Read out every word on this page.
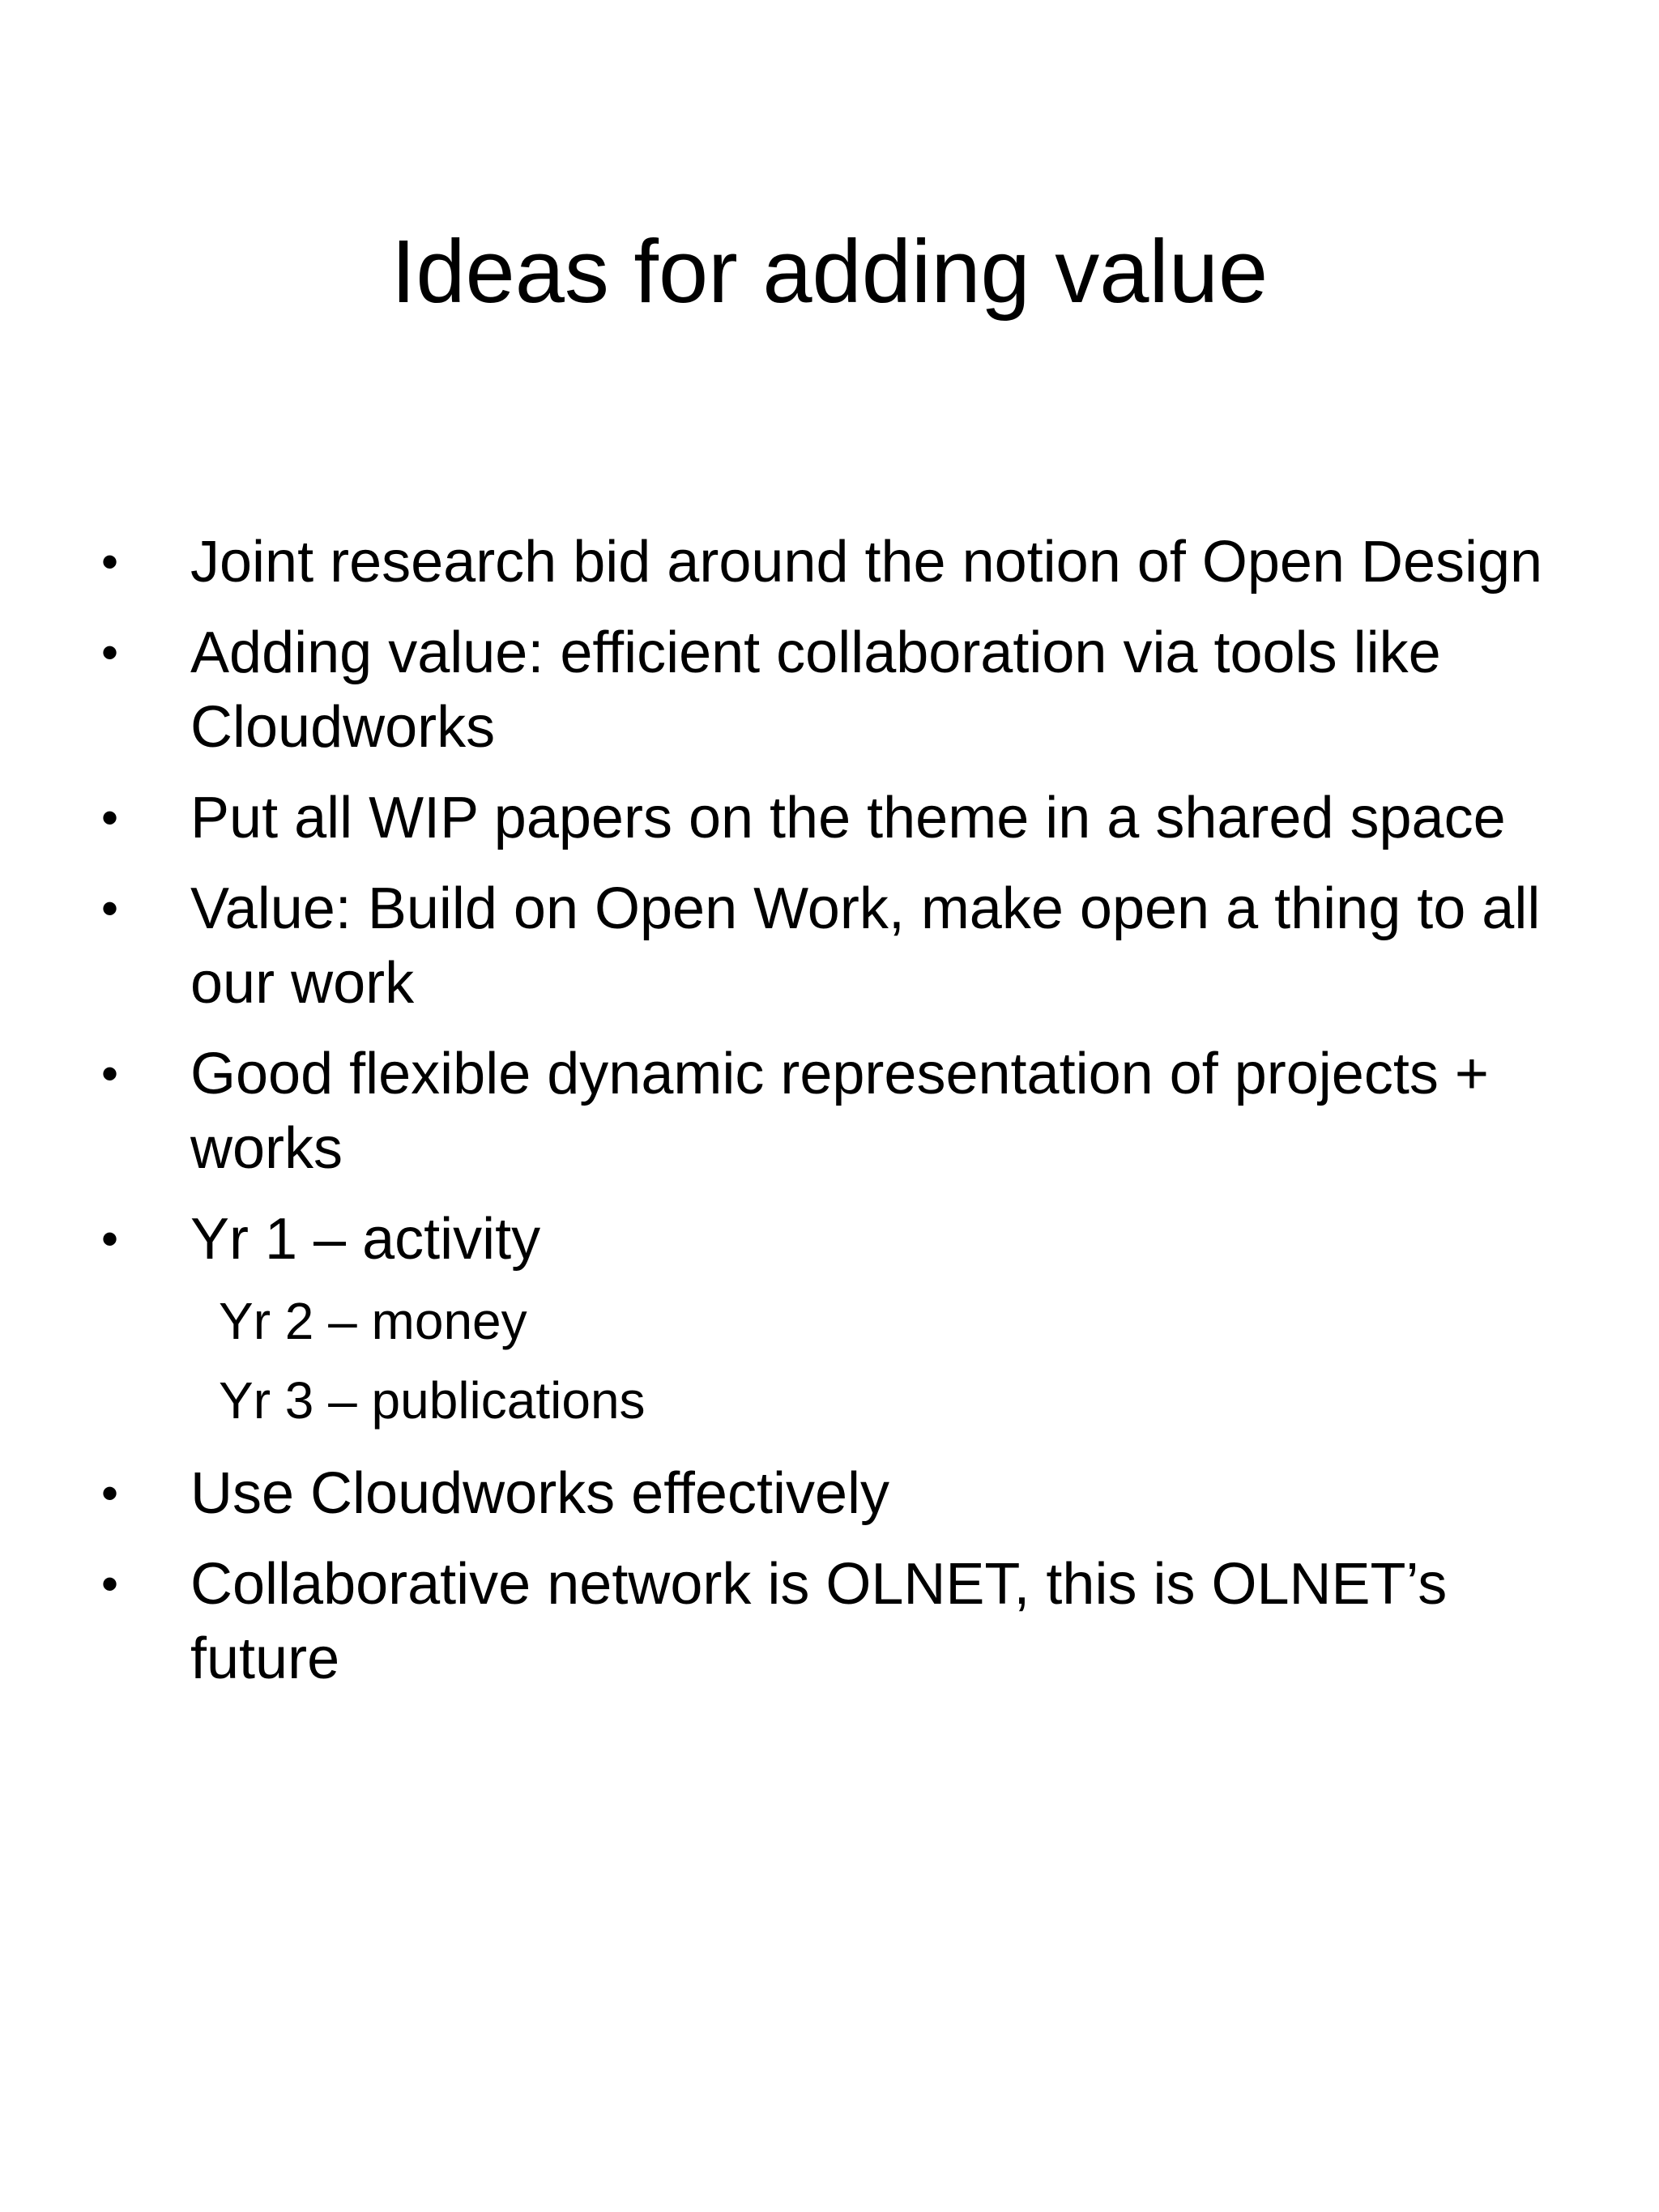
Ideas for adding value
•	Joint research bid around the notion of Open Design
•	Adding value: efficient collaboration via tools like Cloudworks
•	Put all WIP papers on the theme in a shared space
•	Value: Build on Open Work, make open a thing to all our work
•	Good flexible dynamic representation of projects + works
•	Yr 1 – activity
Yr 2 – money
Yr 3 – publications
•	Use Cloudworks effectively
•	Collaborative network is OLNET, this is OLNET’s future
